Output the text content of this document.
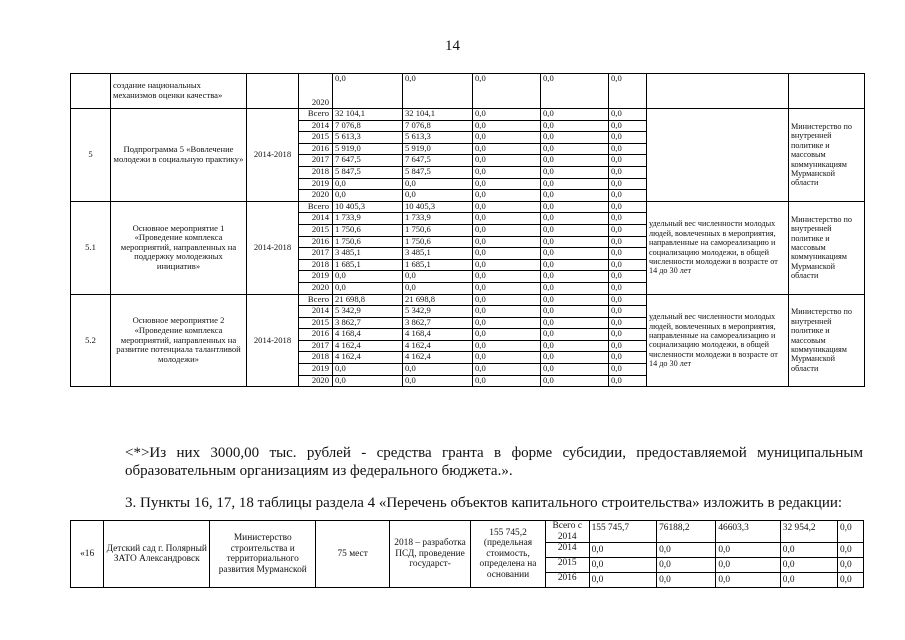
14
	создание национальных механизмов оценки качества»		2020	0,0	0,0	0,0	0,0	0,0		
5	Подпрограмма 5 «Вовлечение молодежи в социальную практику»	2014-2018	Всего	32 104,1	32 104,1	0,0	0,0	0,0		Министерство по внутренней политике и массовым коммуникациям Мурманской области
			2014	7 076,8	7 076,8	0,0	0,0	0,0		
			2015	5 613,3	5 613,3	0,0	0,0	0,0		
			2016	5 919,0	5 919,0	0,0	0,0	0,0		
			2017	7 647,5	7 647,5	0,0	0,0	0,0		
			2018	5 847,5	5 847,5	0,0	0,0	0,0		
			2019	0,0	0,0	0,0	0,0	0,0		
			2020	0,0	0,0	0,0	0,0	0,0		
5.1	Основное мероприятие 1 «Проведение комплекса мероприятий, направленных на поддержку молодежных инициатив»	2014-2018	Всего	10 405,3	10 405,3	0,0	0,0	0,0	удельный вес численности молодых людей, вовлеченных в мероприятия, направленные на самореализацию и социализацию молодежи, в общей численности молодежи в возрасте от 14 до 30 лет	Министерство по внутренней политике и массовым коммуникациям Мурманской области
			2014	1 733,9	1 733,9	0,0	0,0	0,0		
			2015	1 750,6	1 750,6	0,0	0,0	0,0		
			2016	1 750,6	1 750,6	0,0	0,0	0,0		
			2017	3 485,1	3 485,1	0,0	0,0	0,0		
			2018	1 685,1	1 685,1	0,0	0,0	0,0		
			2019	0,0	0,0	0,0	0,0	0,0		
			2020	0,0	0,0	0,0	0,0	0,0		
5.2	Основное мероприятие 2 «Проведение комплекса мероприятий, направленных на развитие потенциала талантливой молодежи»	2014-2018	Всего	21 698,8	21 698,8	0,0	0,0	0,0	удельный вес численности молодых людей, вовлеченных в мероприятия, направленные на самореализацию и социализацию молодежи, в общей численности молодежи в возрасте от 14 до 30 лет	Министерство по внутренней политике и массовым коммуникациям Мурманской области
			2014	5 342,9	5 342,9	0,0	0,0	0,0		
			2015	3 862,7	3 862,7	0,0	0,0	0,0		
			2016	4 168,4	4 168,4	0,0	0,0	0,0		
			2017	4 162,4	4 162,4	0,0	0,0	0,0		
			2018	4 162,4	4 162,4	0,0	0,0	0,0		
			2019	0,0	0,0	0,0	0,0	0,0		
			2020	0,0	0,0	0,0	0,0	0,0		
<*>Из них 3000,00 тыс. рублей - средства гранта в форме субсидии, предоставляемой муниципальным образовательным организациям из федерального бюджета.».
3. Пункты 16, 17, 18 таблицы раздела 4 «Перечень объектов капитального строительства» изложить в редакции:
«16	Детский сад г. Полярный ЗАТО Александровск	Министерство строительства и территориального развития Мурманской	75 мест	2018 – разработка ПСД, проведение государст-	155 745,2 (предельная стоимость, определена на основании	Всего с 2014	155 745,7	76188,2	46603,3	32 954,2	0,0
						2014	0,0	0,0	0,0	0,0	0,0
						2015	0,0	0,0	0,0	0,0	0,0
						2016	0,0	0,0	0,0	0,0	0,0
